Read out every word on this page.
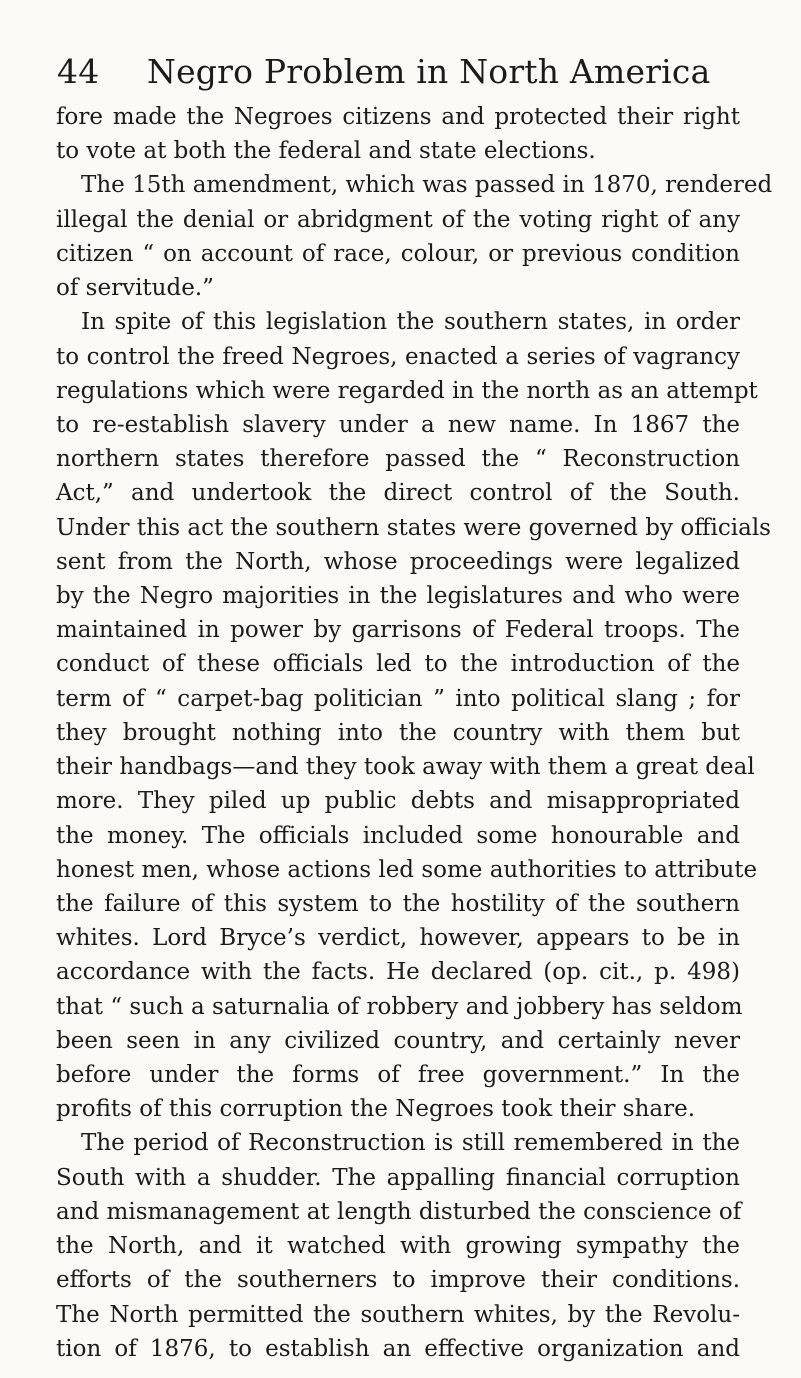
44 Negro Problem in North America
fore made the Negroes citizens and protected their right
to vote at both the federal and state elections.
The 15th amendment, which was passed in 1870, rendered
illegal the denial or abridgment of the voting right of any
citizen “ on account of race, colour, or previous condition
of servitude.”
In spite of this legislation the southern states, in order
to control the freed Negroes, enacted a series of vagrancy
regulations which were regarded in the north as an attempt
to re-establish slavery under a new name. In 1867 the
northern states therefore passed the “ Reconstruction
Act,” and undertook the direct control of the South.
Under this act the southern states were governed by officials
sent from the North, whose proceedings were legalized
by the Negro majorities in the legislatures and who were
maintained in power by garrisons of Federal troops. The
conduct of these officials led to the introduction of the
term of “ carpet-bag politician ” into political slang ; for
they brought nothing into the country with them but
their handbags—and they took away with them a great deal
more. They piled up public debts and misappropriated
the money. The officials included some honourable and
honest men, whose actions led some authorities to attribute
the failure of this system to the hostility of the southern
whites. Lord Bryce’s verdict, however, appears to be in
accordance with the facts. He declared (op. cit., p. 498)
that “ such a saturnalia of robbery and jobbery has seldom
been seen in any civilized country, and certainly never
before under the forms of free government.” In the
profits of this corruption the Negroes took their share.
The period of Reconstruction is still remembered in the
South with a shudder. The appalling financial corruption
and mismanagement at length disturbed the conscience of
the North, and it watched with growing sympathy the
efforts of the southerners to improve their conditions.
The North permitted the southern whites, by the Revolu-
tion of 1876, to establish an effective organization and
